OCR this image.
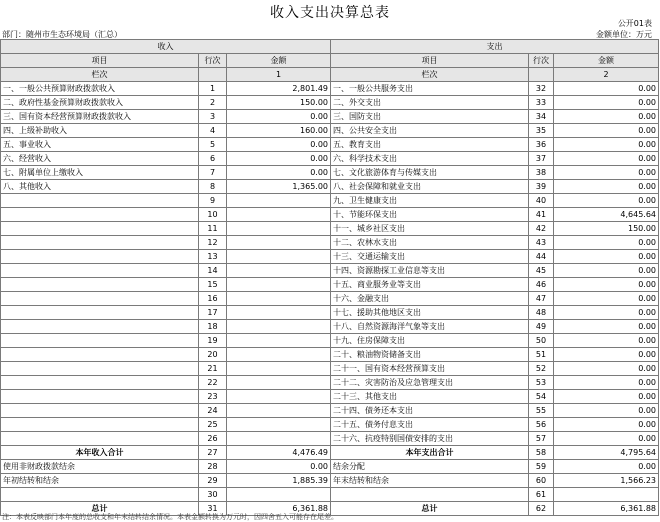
收入支出决算总表
公开01表
部门：随州市生态环境局（汇总）	金额单位：万元
收入			支出		
项目	行次	金额	项目	行次	金额
栏次		1	栏次		2
一、一般公共预算财政拨款收入	1	2,801.49	一、一般公共服务支出	32	0.00
二、政府性基金预算财政拨款收入	2	150.00	二、外交支出	33	0.00
三、国有资本经营预算财政拨款收入	3	0.00	三、国防支出	34	0.00
四、上级补助收入	4	160.00	四、公共安全支出	35	0.00
五、事业收入	5	0.00	五、教育支出	36	0.00
六、经营收入	6	0.00	六、科学技术支出	37	0.00
七、附属单位上缴收入	7	0.00	七、文化旅游体育与传媒支出	38	0.00
八、其他收入	8	1,365.00	八、社会保障和就业支出	39	0.00
	9		九、卫生健康支出	40	0.00
	10		十、节能环保支出	41	4,645.64
	11		十一、城乡社区支出	42	150.00
	12		十二、农林水支出	43	0.00
	13		十三、交通运输支出	44	0.00
	14		十四、资源勘探工业信息等支出	45	0.00
	15		十五、商业服务业等支出	46	0.00
	16		十六、金融支出	47	0.00
	17		十七、援助其他地区支出	48	0.00
	18		十八、自然资源海洋气象等支出	49	0.00
	19		十九、住房保障支出	50	0.00
	20		二十、粮油物资储备支出	51	0.00
	21		二十一、国有资本经营预算支出	52	0.00
	22		二十二、灾害防治及应急管理支出	53	0.00
	23		二十三、其他支出	54	0.00
	24		二十四、债务还本支出	55	0.00
	25		二十五、债务付息支出	56	0.00
	26		二十六、抗疫特别国债安排的支出	57	0.00
本年收入合计	27	4,476.49	本年支出合计	58	4,795.64
使用非财政拨款结余	28	0.00	结余分配	59	0.00
年初结转和结余	29	1,885.39	年末结转和结余	60	1,566.23
	30			61	
总计	31	6,361.88	总计	62	6,361.88
注：本表反映部门本年度的总收支和年末结转结余情况。本表金额转换为万元时，因四舍五入可能存在尾差。
